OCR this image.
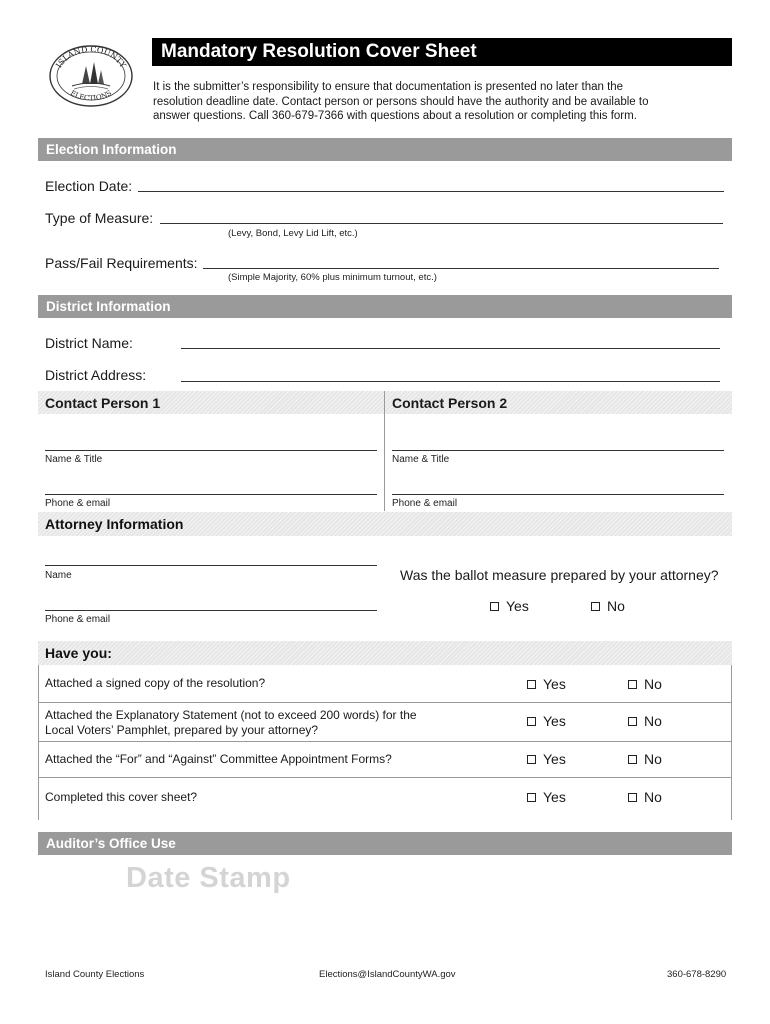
ISLAND COUNTY
ELECTIONS
Mandatory Resolution Cover Sheet
It is the submitter’s responsibility to ensure that documentation is presented no later than the
resolution deadline date. Contact person or persons should have the authority and be available to
answer questions. Call 360-679-7366 with questions about a resolution or completing this form.
Election Information
Election Date:
Type of Measure:
(Levy, Bond, Levy Lid Lift, etc.)
Pass/Fail Requirements:
(Simple Majority, 60% plus minimum turnout, etc.)
District Information
District Name:
District Address:
Contact Person 1	Contact Person 2
Name & Title
Phone & email
Name & Title
Phone & email
Attorney Information
Name
Phone & email
Was the ballot measure prepared by your attorney?
Yes	No
Have you:
Attached a signed copy of the resolution?	Yes	No
Attached the Explanatory Statement (not to exceed 200 words) for the
Local Voters’ Pamphlet, prepared by your attorney?
Yes	No
Attached the “For” and “Against” Committee Appointment Forms?	Yes	No
Completed this cover sheet?	Yes	No
Auditor’s Office Use
Date Stamp
Island County Elections	Elections@IslandCountyWA.gov	360-678-8290
